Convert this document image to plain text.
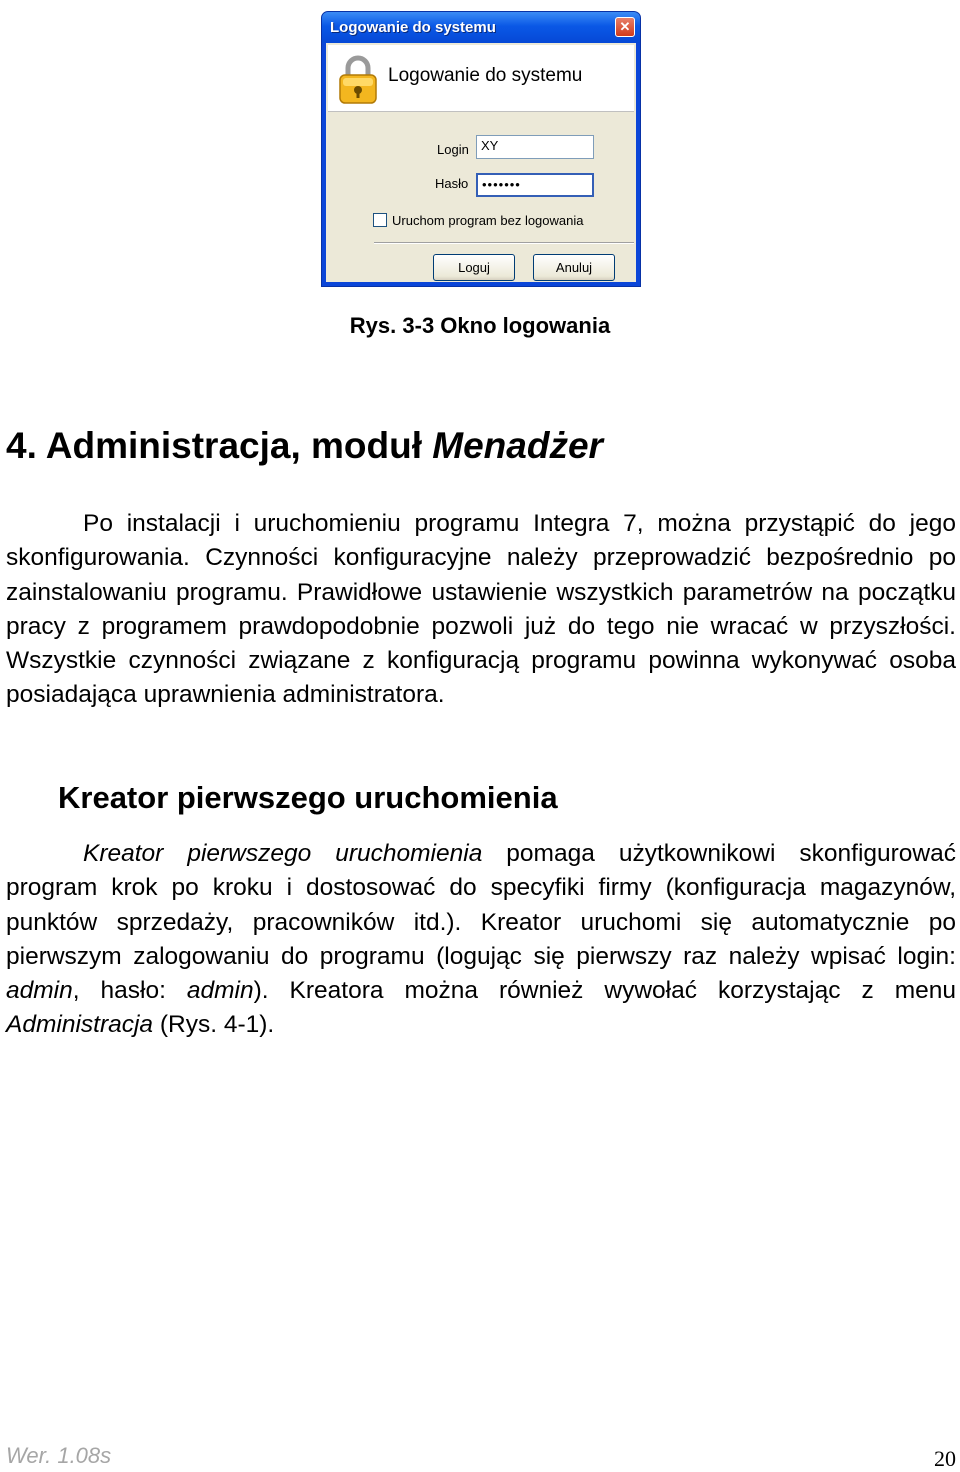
Logowanie do systemu	✕
Logowanie do systemu
Login XY
Hasło	•••••••
Uruchom program bez logowania
Loguj	Anuluj
Rys. 3-3 Okno logowania
4. Administracja, moduł Menadżer
Po instalacji i uruchomieniu programu Integra 7, można przystąpić do jego skonfigurowania. Czynności konfiguracyjne należy przeprowadzić bezpośrednio po zainstalowaniu programu. Prawidłowe ustawienie wszystkich parametrów na początku pracy z programem prawdopodobnie pozwoli już do tego nie wracać w przyszłości. Wszystkie czynności związane z konfiguracją programu powinna wykonywać osoba posiadająca uprawnienia administratora.
Kreator pierwszego uruchomienia
Kreator pierwszego uruchomienia pomaga użytkownikowi skonfigurować program krok po kroku i dostosować do specyfiki firmy (konfiguracja magazynów, punktów sprzedaży, pracowników itd.). Kreator uruchomi się automatycznie po pierwszym zalogowaniu do programu (logując się pierwszy raz należy wpisać login: admin, hasło: admin). Kreatora można również wywołać korzystając z menu Administracja (Rys. 4-1).
Wer. 1.08s	20
